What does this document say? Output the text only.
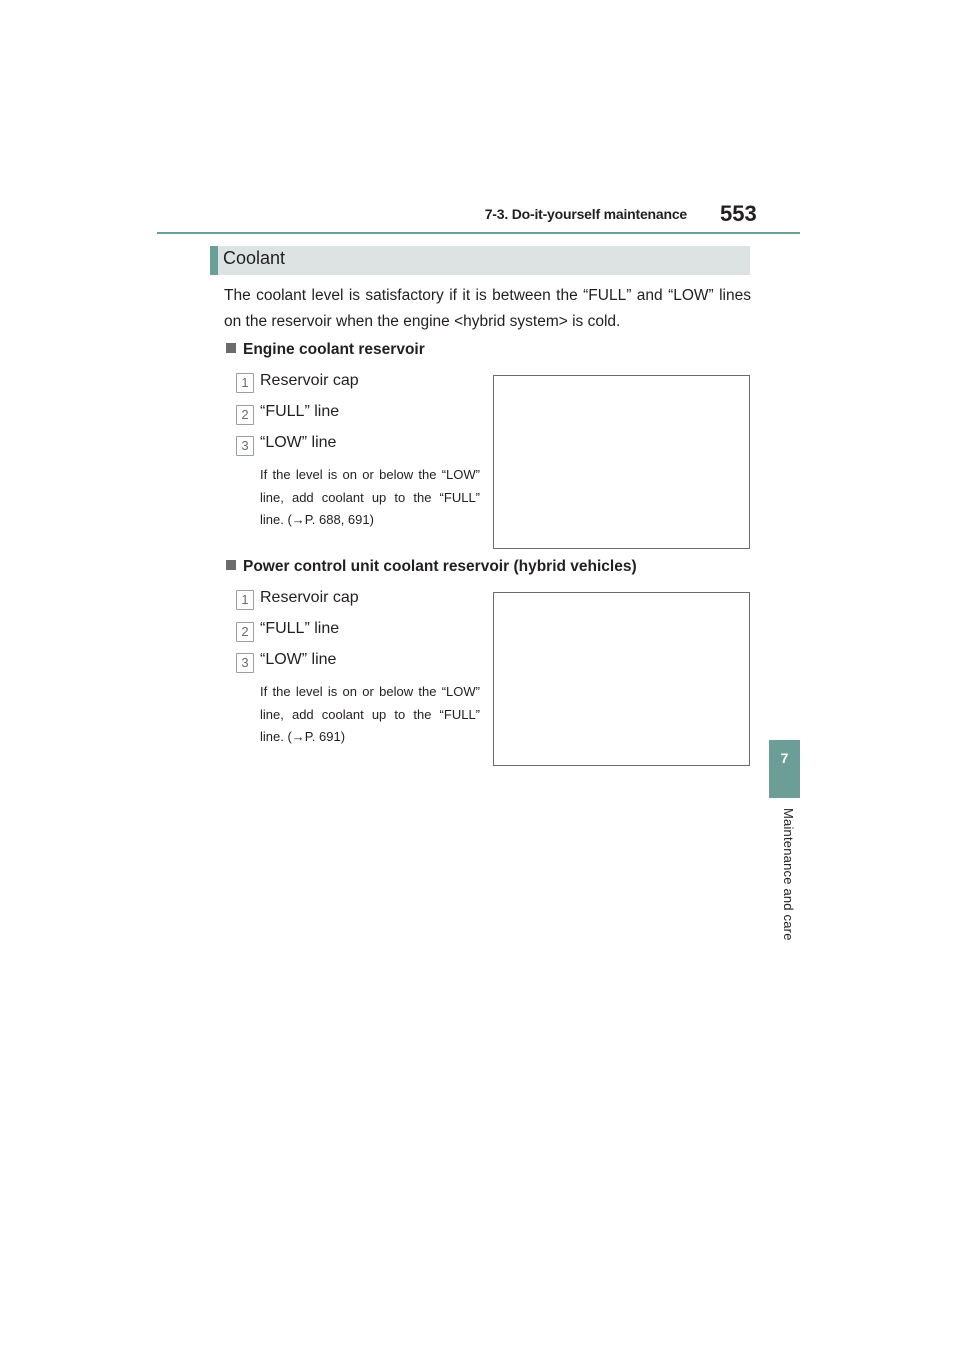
7-3. Do-it-yourself maintenance 553
7
Maintenance and care
Coolant
The coolant level is satisfactory if it is between the “FULL” and “LOW” lines on the reservoir when the engine <hybrid system> is cold.
Engine coolant reservoir
1 Reservoir cap
2 “FULL” line
3 “LOW” line
If the level is on or below the “LOW” line, add coolant up to the “FULL” line. (→P. 688, 691)
Power control unit coolant reservoir (hybrid vehicles)
1 Reservoir cap
2 “FULL” line
3 “LOW” line
If the level is on or below the “LOW” line, add coolant up to the “FULL” line. (→P. 691)
